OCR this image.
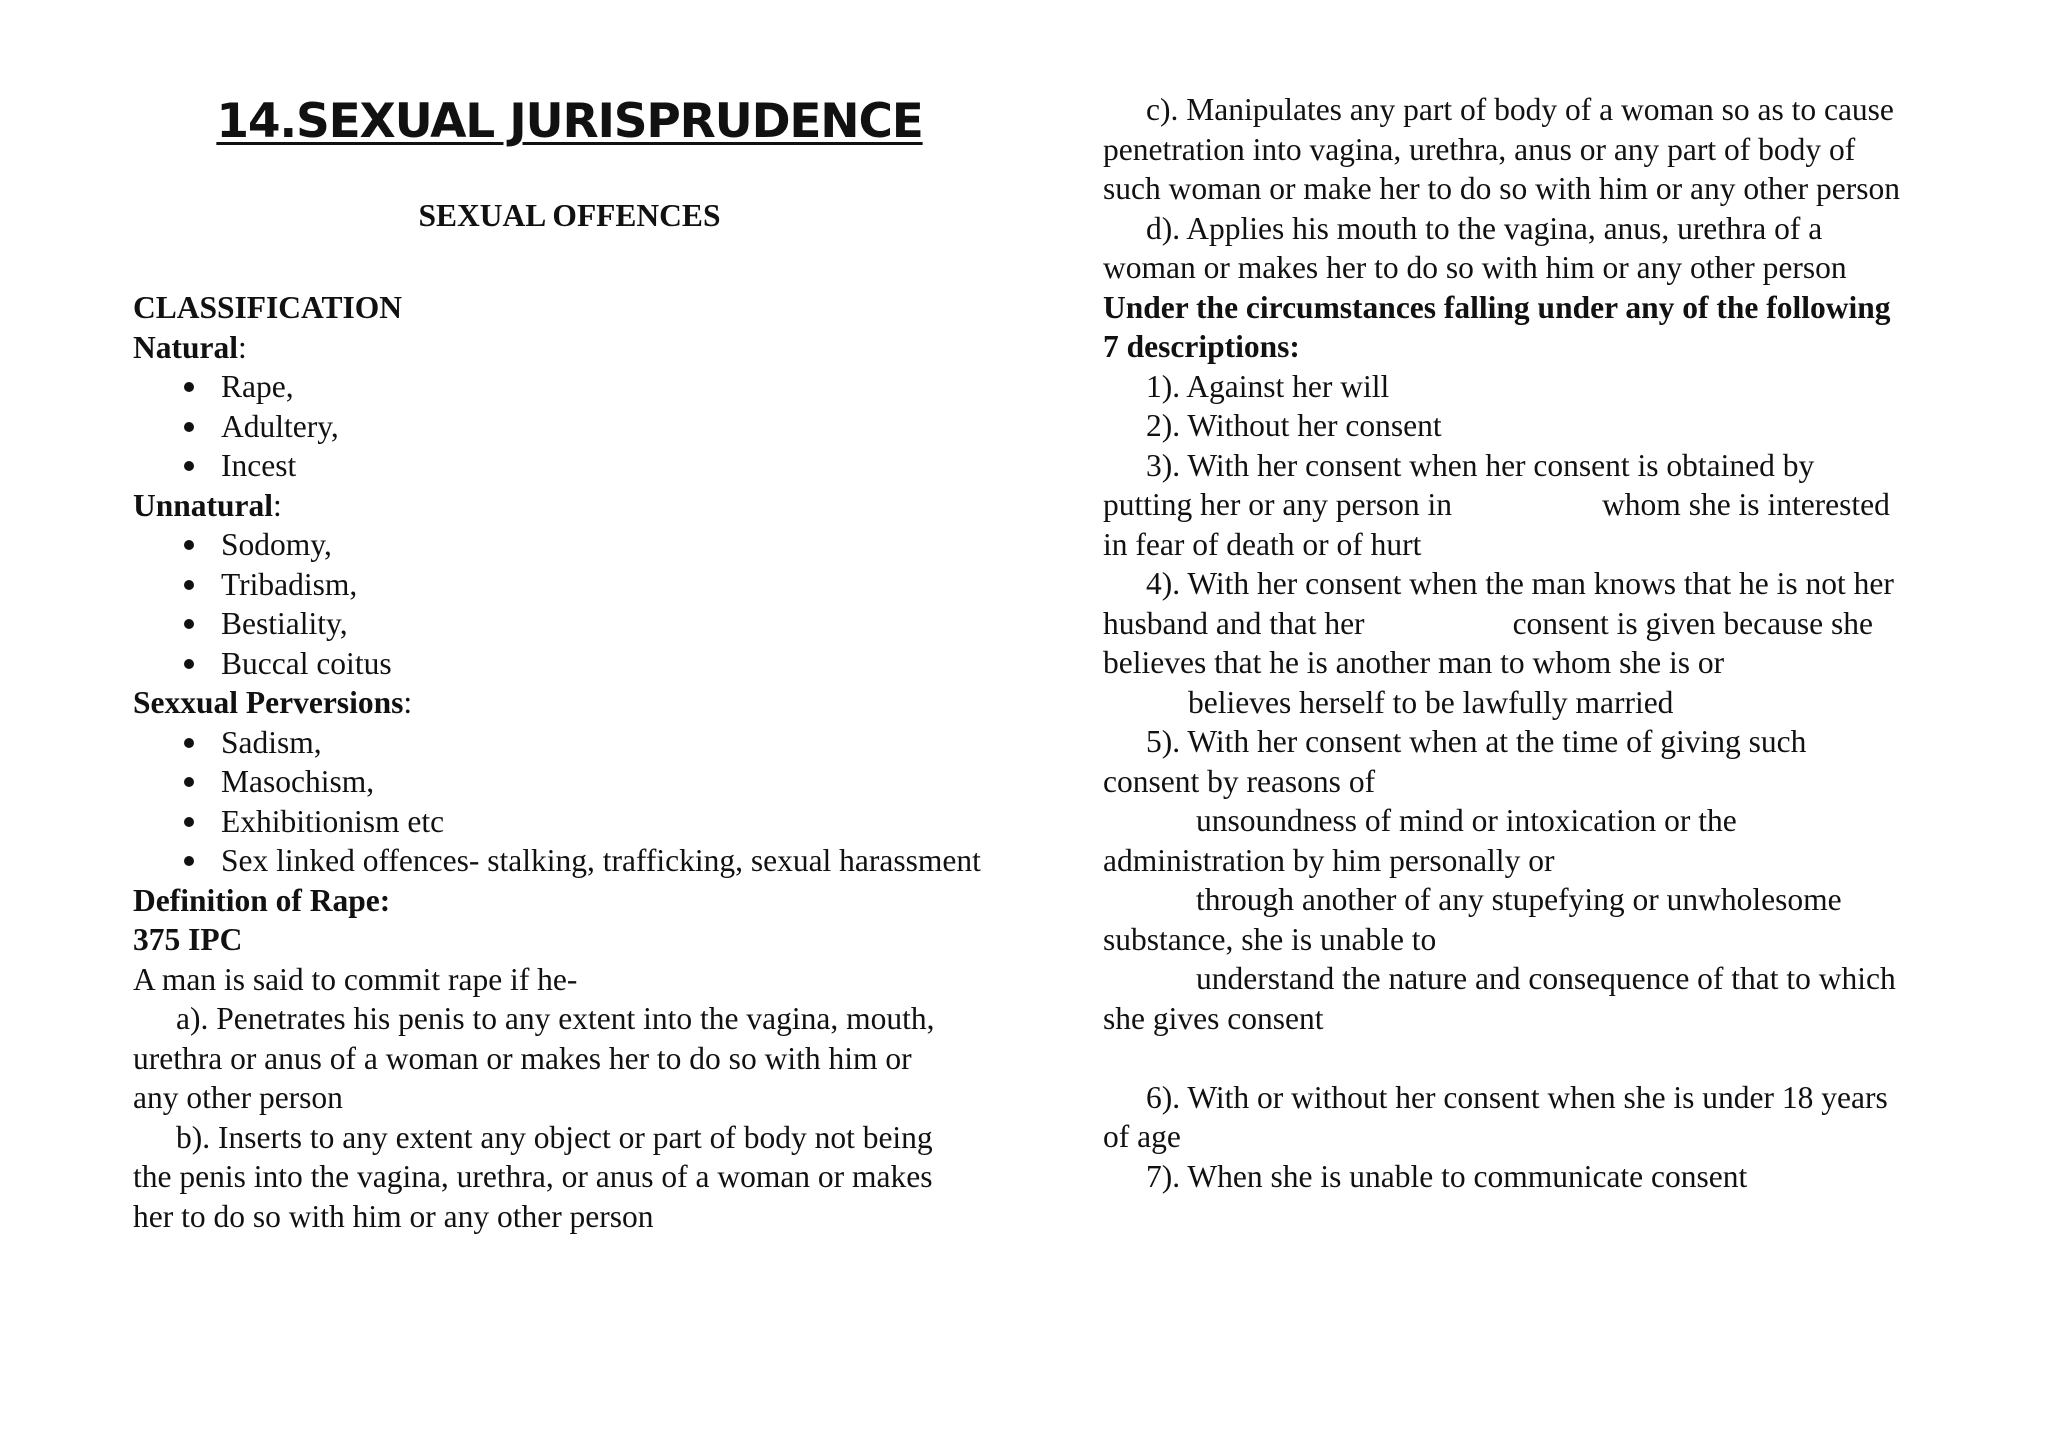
14.SEXUAL JURISPRUDENCE
SEXUAL OFFENCES
CLASSIFICATION
Natural:
Rape,
Adultery,
Incest
Unnatural:
Sodomy,
Tribadism,
Bestiality,
Buccal coitus
Sexxual Perversions:
Sadism,
Masochism,
Exhibitionism etc
Sex linked offences- stalking, trafficking, sexual harassment
Definition of Rape:
375 IPC
A man is said to commit rape if he-
a). Penetrates his penis to any extent into the vagina, mouth,
urethra or anus of a woman or makes her to do so with him or
any other person
b). Inserts to any extent any object or part of body not being
the penis into the vagina, urethra, or anus of a woman or makes
her to do so with him or any other person
c). Manipulates any part of body of a woman so as to cause
penetration into vagina, urethra, anus or any part of body of
such woman or make her to do so with him or any other person
d). Applies his mouth to the vagina, anus, urethra of a
woman or makes her to do so with him or any other person
Under the circumstances falling under any of the following
7 descriptions:
1). Against her will
2). Without her consent
3). With her consent when her consent is obtained by
putting her or any person in	whom she is interested
in fear of death or of hurt
4). With her consent when the man knows that he is not her
husband and that her	consent is given because she
believes that he is another man to whom she is or
believes herself to be lawfully married
5). With her consent when at the time of giving such
consent by reasons of
unsoundness of mind or intoxication or the
administration by him personally or
through another of any stupefying or unwholesome
substance, she is unable to
understand the nature and consequence of that to which
she gives consent
6). With or without her consent when she is under 18 years
of age
7). When she is unable to communicate consent
